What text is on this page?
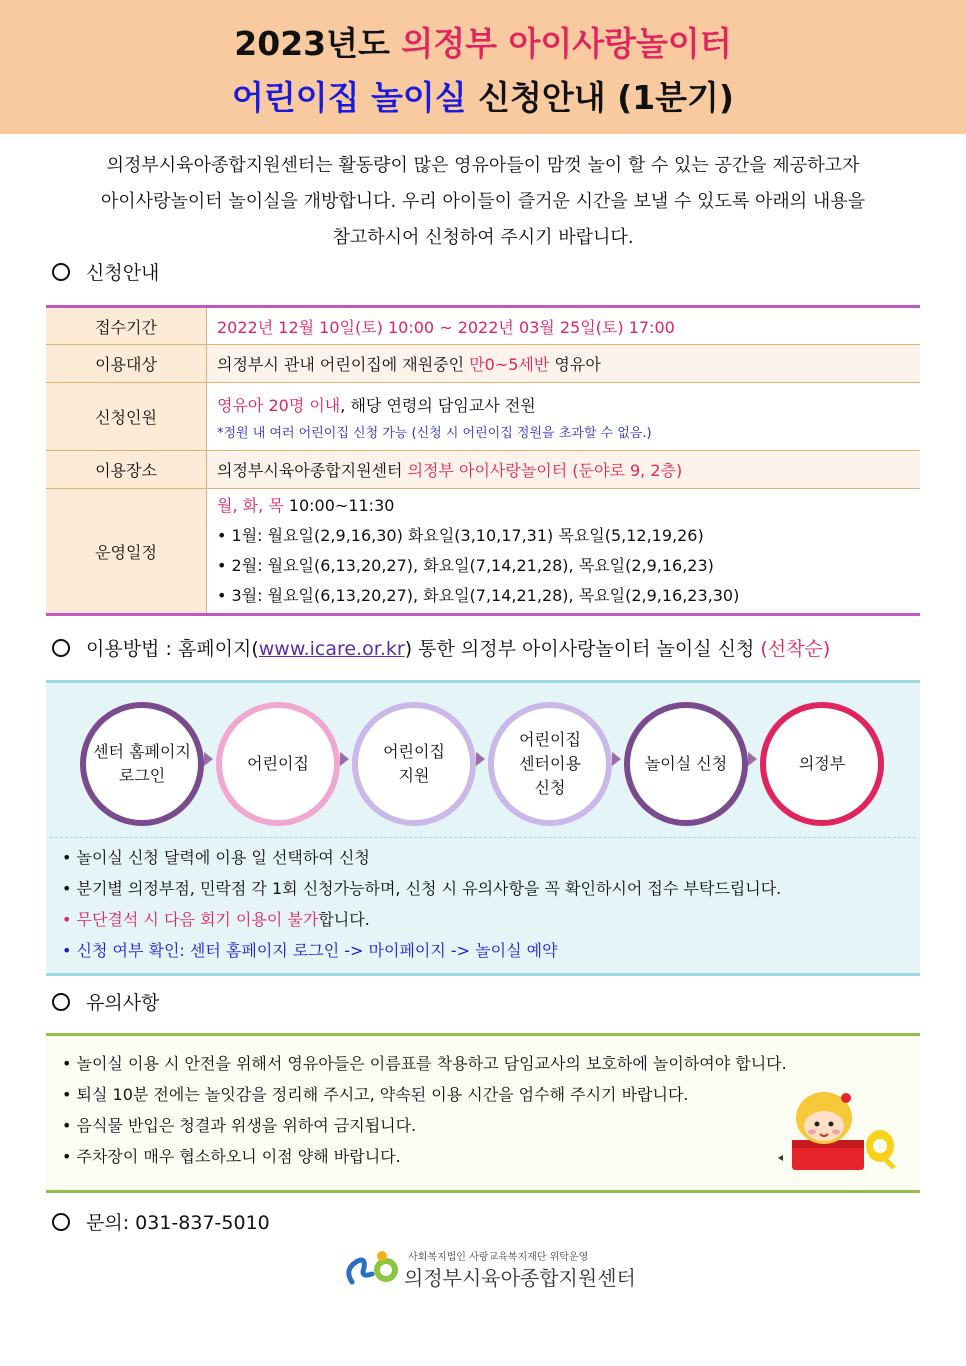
2023년도 의정부 아이사랑놀이터
어린이집 놀이실 신청안내 (1분기)
의정부시육아종합지원센터는 활동량이 많은 영유아들이 맘껏 놀이 할 수 있는 공간을 제공하고자
아이사랑놀이터 놀이실을 개방합니다. 우리 아이들이 즐거운 시간을 보낼 수 있도록 아래의 내용을
참고하시어 신청하여 주시기 바랍니다.
신청안내
접수기간	2022년 12월 10일(토) 10:00 ~ 2022년 03월 25일(토) 17:00
이용대상	의정부시 관내 어린이집에 재원중인 만0~5세반 영유아
신청인원	영유아 20명 이내, 해당 연령의 담임교사 전원
*정원 내 여러 어린이집 신청 가능 (신청 시 어린이집 정원을 초과할 수 없음.)

이용장소	의정부시육아종합지원센터 의정부 아이사랑놀이터 (둔야로 9, 2층)
운영일정	월, 화, 목 10:00~11:30
• 1월: 월요일(2,9,16,30) 화요일(3,10,17,31) 목요일(5,12,19,26)
• 2월: 월요일(6,13,20,27), 화요일(7,14,21,28), 목요일(2,9,16,23)
• 3월: 월요일(6,13,20,27), 화요일(7,14,21,28), 목요일(2,9,16,23,30)
이용방법 : 홈페이지(www.icare.or.kr) 통한 의정부 아이사랑놀이터 놀이실 신청 (선착순)
센터 홈페이지 로그인
어린이집
어린이집 지원
어린이집 센터이용 신청
놀이실 신청	의정부
• 놀이실 신청 달력에 이용 일 선택하여 신청
• 분기별 의정부점, 민락점 각 1회 신청가능하며, 신청 시 유의사항을 꼭 확인하시어 접수 부탁드립니다.
• 무단결석 시 다음 회기 이용이 불가합니다.
• 신청 여부 확인: 센터 홈페이지 로그인 -> 마이페이지 -> 놀이실 예약
유의사항
• 놀이실 이용 시 안전을 위해서 영유아들은 이름표를 착용하고 담임교사의 보호하에 놀이하여야 합니다.
• 퇴실 10분 전에는 놀잇감을 정리해 주시고, 약속된 이용 시간을 엄수해 주시기 바랍니다.
• 음식물 반입은 청결과 위생을 위하여 금지됩니다.
• 주차장이 매우 협소하오니 이점 양해 바랍니다.
문의: 031-837-5010
사회복지법인 사랑교육복지재단 위탁운영
의정부시육아종합지원센터
